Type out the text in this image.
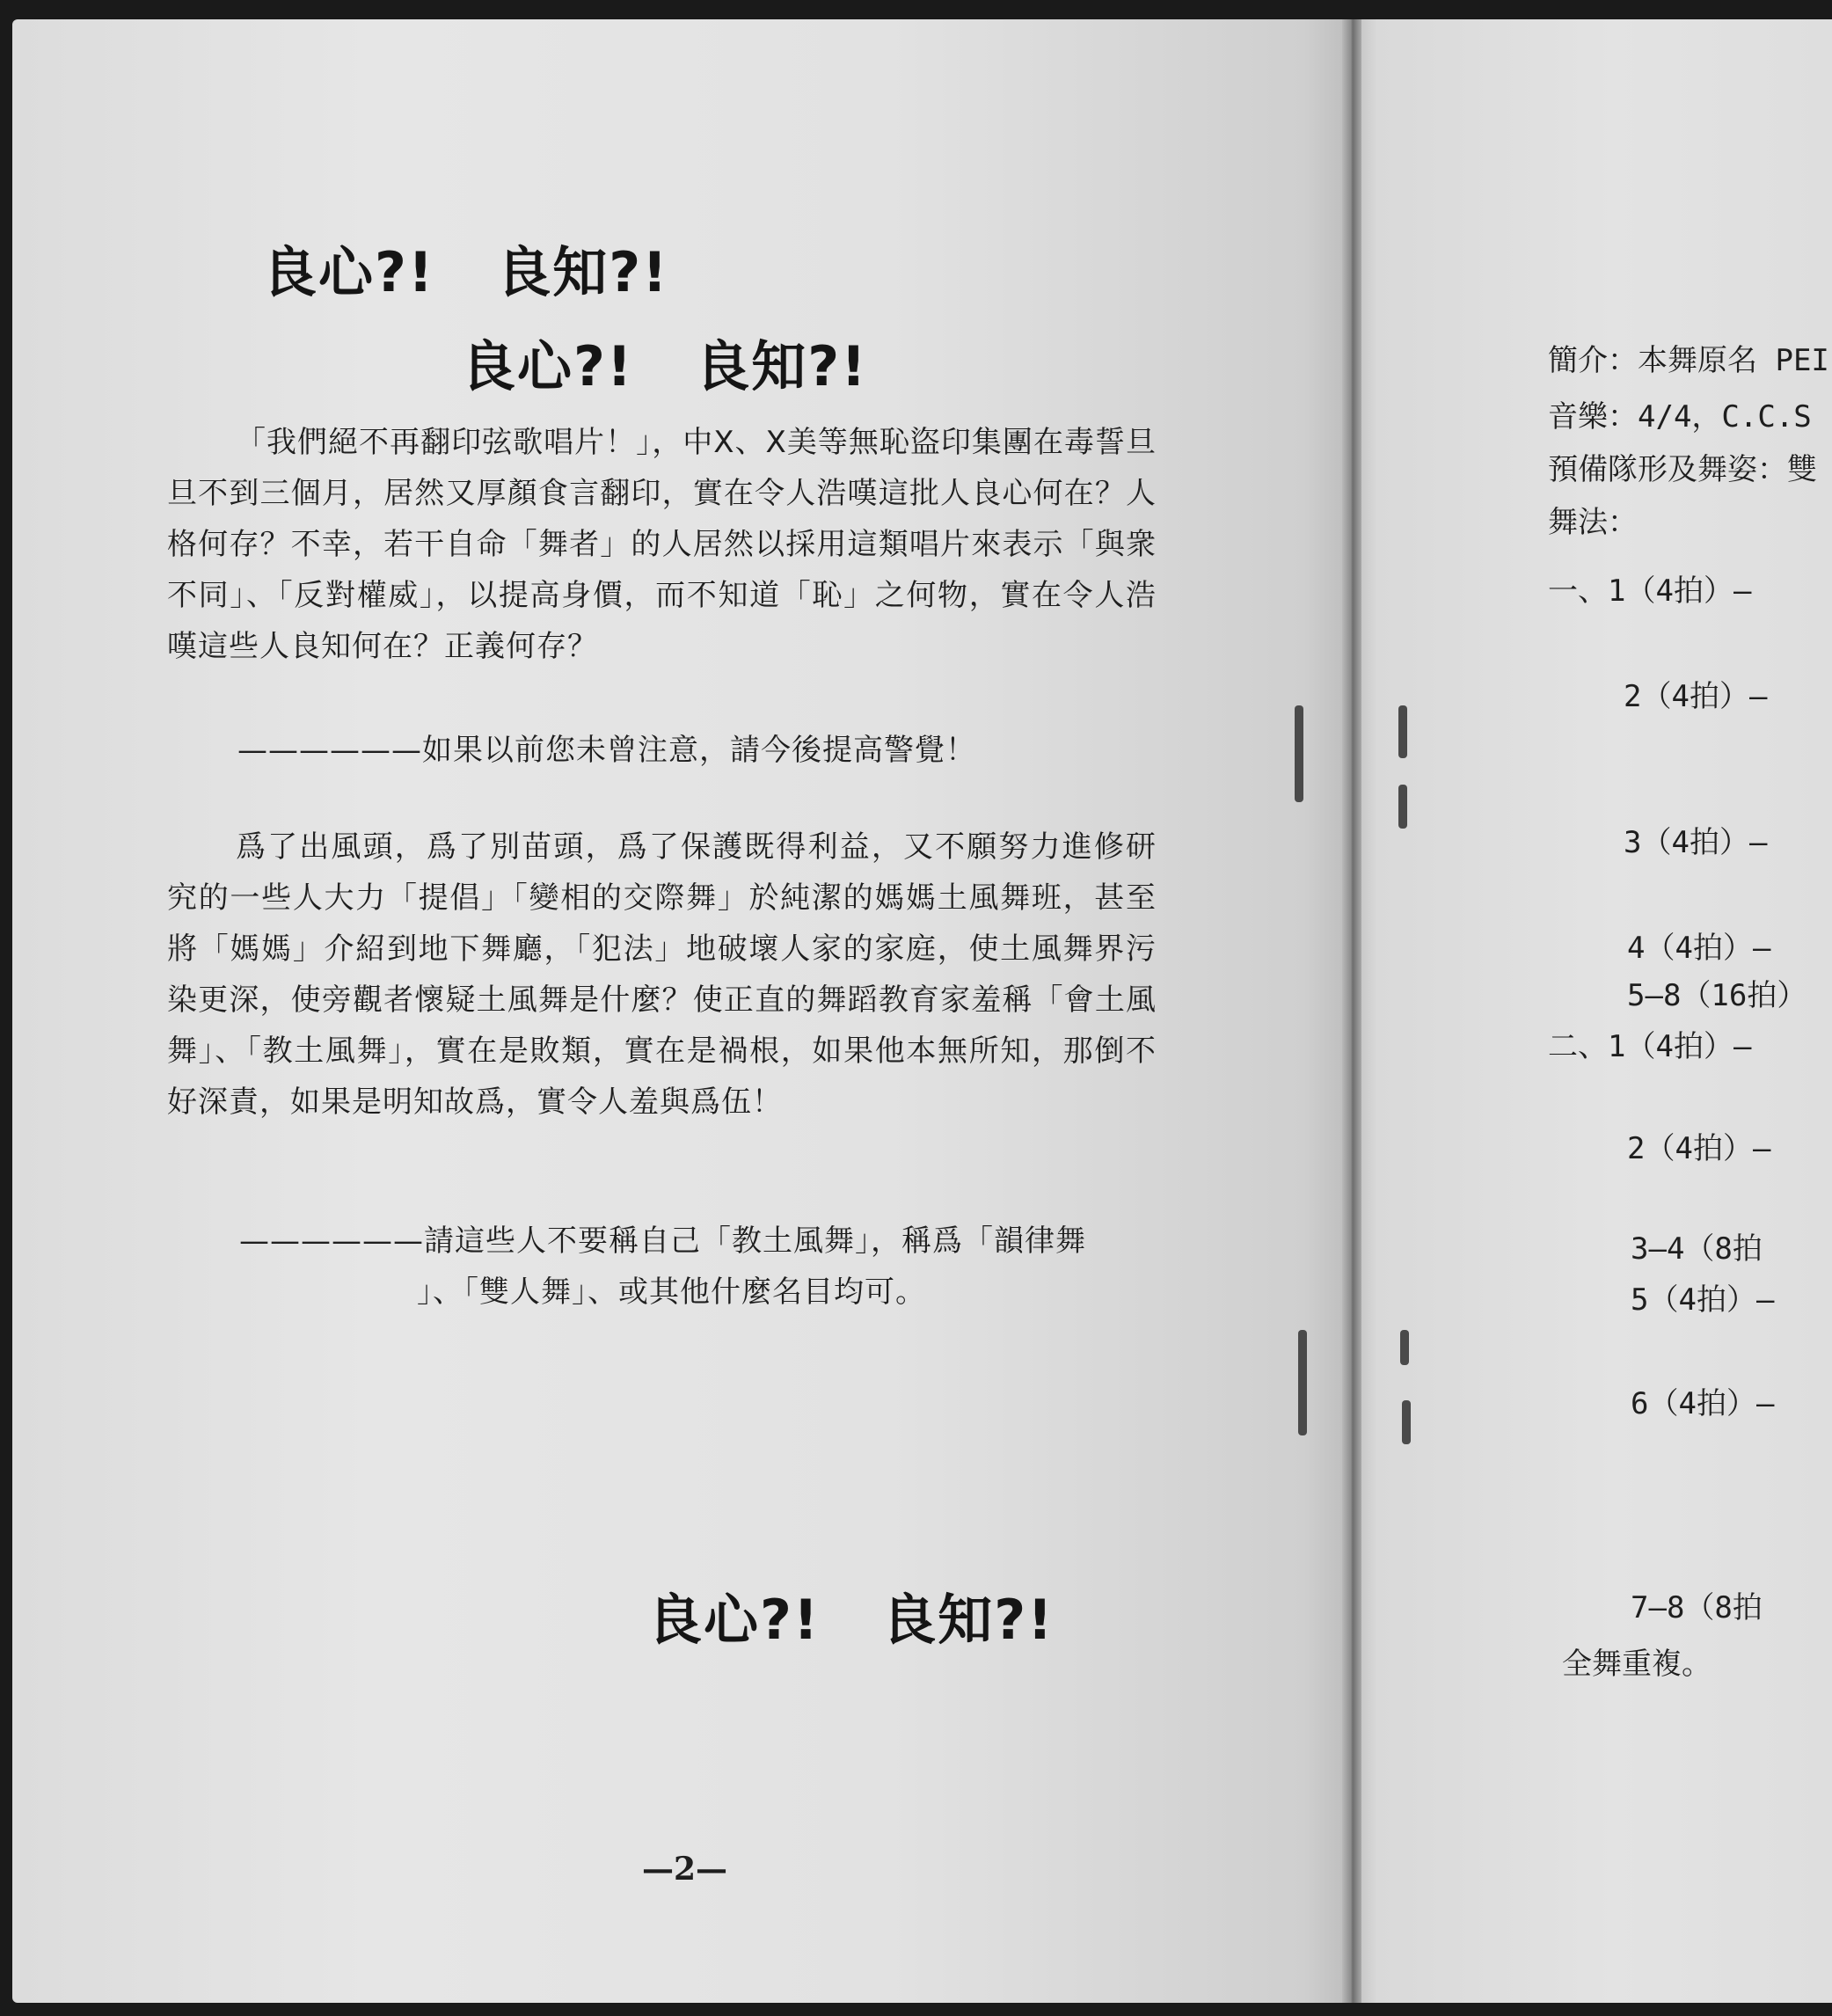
良心?! 良知?!
良心?! 良知?!
「我們絕不再翻印弦歌唱片！」，中X、X美等無恥盜印集團在毒誓旦旦不到三個月，居然又厚顏食言翻印，實在令人浩嘆這批人良心何在？人格何存？不幸，若干自命「舞者」的人居然以採用這類唱片來表示「與衆不同」、「反對權威」，以提高身價，而不知道「恥」之何物，實在令人浩嘆這些人良知何在？正義何存？
——————如果以前您未曾注意，請今後提高警覺！
爲了出風頭，爲了別苗頭，爲了保護既得利益，又不願努力進修研究的一些人大力「提倡」「變相的交際舞」於純潔的媽媽土風舞班，甚至將「媽媽」介紹到地下舞廳，「犯法」地破壞人家的家庭，使土風舞界污染更深，使旁觀者懷疑土風舞是什麼？使正直的舞蹈教育家羞稱「會土風舞」、「教土風舞」，實在是敗類，實在是禍根，如果他本無所知，那倒不好深責，如果是明知故爲，實令人羞與爲伍！
——————請這些人不要稱自己「教土風舞」，稱爲「韻律舞
」、「雙人舞」、或其他什麼名目均可。
良心?! 良知?!
—2—
簡介：本舞原名 PEI
音樂：4/4，C.C.S
預備隊形及舞姿：雙
舞法：
一、1（4拍）—
2（4拍）—
3（4拍）—
4（4拍）—
5—8（16拍）
二、1（4拍）—
2（4拍）—
3—4（8拍
5（4拍）—
6（4拍）—
7—8（8拍
全舞重複。
